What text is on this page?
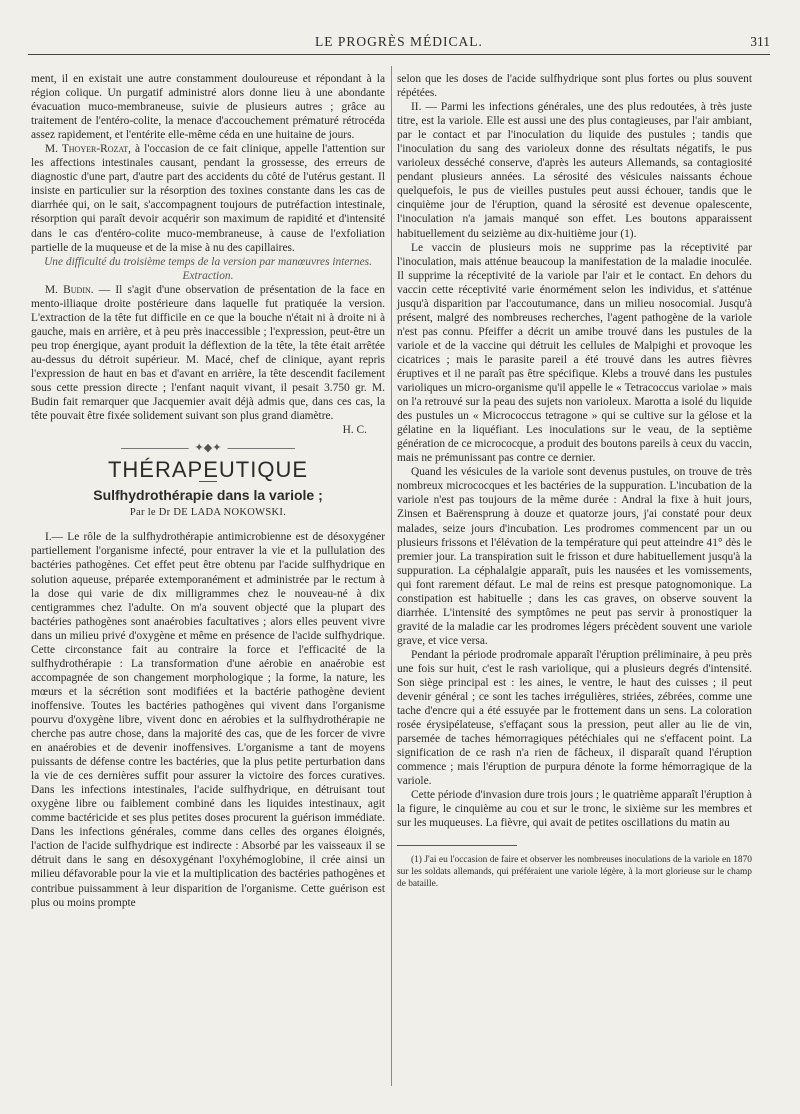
LE PROGRÈS MÉDICAL.	311

ment, il en existait une autre constamment douloureuse et répondant à la région colique. Un purgatif administré alors donne lieu à une abondante évacuation muco-membraneuse, suivie de plusieurs autres ; grâce au traitement de l'entéro-colite, la menace d'accouchement prématuré rétrocéda assez rapidement, et l'entérite elle-même céda en une huitaine de jours.

M. Thoyer-Rozat, à l'occasion de ce fait clinique, appelle l'attention sur les affections intestinales causant, pendant la grossesse, des erreurs de diagnostic d'une part, d'autre part des accidents du côté de l'utérus gestant. Il insiste en particulier sur la résorption des toxines constante dans les cas de diarrhée qui, on le sait, s'accompagnent toujours de putréfaction intestinale, résorption qui paraît devoir acquérir son maximum de rapidité et d'intensité dans le cas d'entéro-colite muco-membraneuse, à cause de l'exfoliation partielle de la muqueuse et de la mise à nu des capillaires.

Une difficulté du troisième temps de la version par manœuvres internes. Extraction.

M. Budin. — Il s'agit d'une observation de présentation de la face en mento-illiaque droite postérieure dans laquelle fut pratiquée la version. L'extraction de la tête fut difficile en ce que la bouche n'était ni à droite ni à gauche, mais en arrière, et à peu près inaccessible ; l'expression, peut-être un peu trop énergique, ayant produit la déflextion de la tête, la tête était arrêtée au-dessus du détroit supérieur. M. Macé, chef de clinique, ayant repris l'expression de haut en bas et d'avant en arrière, la tête descendit facilement sous cette pression directe ; l'enfant naquit vivant, il pesait 3.750 gr. M. Budin fait remarquer que Jacquemier avait déjà admis que, dans ces cas, la tête pouvait être fixée solidement suivant son plus grand diamètre.

H. C.

✦◆✦
THÉRAPEUTIQUE
Sulfhydrothérapie dans la variole ;
Par le Dr DE LADA NOKOWSKI.

I.— Le rôle de la sulfhydrothérapie antimicrobienne est de désoxygéner partiellement l'organisme infecté, pour entraver la vie et la pullulation des bactéries pathogènes. Cet effet peut être obtenu par l'acide sulfhydrique en solution aqueuse, préparée extemporanément et administrée par le rectum à la dose qui varie de dix milligrammes chez le nouveau-né à dix centigrammes chez l'adulte. On m'a souvent objecté que la plupart des bactéries pathogènes sont anaérobies facultatives ; alors elles peuvent vivre dans un milieu privé d'oxygène et même en présence de l'acide sulfhydrique. Cette circonstance fait au contraire la force et l'efficacité de la sulfhydrothérapie : La transformation d'une aérobie en anaérobie est accompagnée de son changement morphologique ; la forme, la nature, les mœurs et la sécrétion sont modifiées et la bactérie pathogène devient inoffensive. Toutes les bactéries pathogènes qui vivent dans l'organisme pourvu d'oxygène libre, vivent donc en aérobies et la sulfhydrothérapie ne cherche pas autre chose, dans la majorité des cas, que de les forcer de vivre en anaérobies et de devenir inoffensives. L'organisme a tant de moyens puissants de défense contre les bactéries, que la plus petite perturbation dans la vie de ces dernières suffit pour assurer la victoire des forces curatives. Dans les infections intestinales, l'acide sulfhydrique, en détruisant tout oxygène libre ou faiblement combiné dans les liquides intestinaux, agit comme bactéricide et ses plus petites doses procurent la guérison immédiate. Dans les infections générales, comme dans celles des organes éloignés, l'action de l'acide sulfhydrique est indirecte : Absorbé par les vaisseaux il se détruit dans le sang en désoxygénant l'oxyhémoglobine, il crée ainsi un milieu défavorable pour la vie et la multiplication des bactéries pathogènes et contribue puissamment à leur disparition de l'organisme. Cette guérison est plus ou moins prompte

selon que les doses de l'acide sulfhydrique sont plus fortes ou plus souvent répétées.

II. — Parmi les infections générales, une des plus redoutées, à très juste titre, est la variole. Elle est aussi une des plus contagieuses, par l'air ambiant, par le contact et par l'inoculation du liquide des pustules ; tandis que l'inoculation du sang des varioleux donne des résultats négatifs, le pus varioleux desséché conserve, d'après les auteurs Allemands, sa contagiosité pendant plusieurs années. La sérosité des vésicules naissants échoue quelquefois, le pus de vieilles pustules peut aussi échouer, tandis que le cinquième jour de l'éruption, quand la sérosité est devenue opalescente, l'inoculation n'a jamais manqué son effet. Les boutons apparaissent habituellement du seizième au dix-huitième jour (1).

Le vaccin de plusieurs mois ne supprime pas la réceptivité par l'inoculation, mais atténue beaucoup la manifestation de la maladie inoculée. Il supprime la réceptivité de la variole par l'air et le contact. En dehors du vaccin cette réceptivité varie énormément selon les individus, et s'atténue jusqu'à disparition par l'accoutumance, dans un milieu nosocomial. Jusqu'à présent, malgré des nombreuses recherches, l'agent pathogène de la variole n'est pas connu. Pfeiffer a décrit un amibe trouvé dans les pustules de la variole et de la vaccine qui détruit les cellules de Malpighi et provoque les cicatrices ; mais le parasite pareil a été trouvé dans les autres fièvres éruptives et il ne paraît pas être spécifique. Klebs a trouvé dans les pustules varioliques un micro-organisme qu'il appelle le « Tetracoccus variolae » mais on l'a retrouvé sur la peau des sujets non varioleux. Marotta a isolé du liquide des pustules un « Micrococcus tetragone » qui se cultive sur la gélose et la gélatine en la liquéfiant. Les inoculations sur le veau, de la septième génération de ce micrococque, a produit des boutons pareils à ceux du vaccin, mais ne prémunissant pas contre ce dernier.

Quand les vésicules de la variole sont devenus pustules, on trouve de très nombreux micrococques et les bactéries de la suppuration. L'incubation de la variole n'est pas toujours de la même durée : Andral la fixe à huit jours, Zinsen et Baërensprung à douze et quatorze jours, j'ai constaté pour deux malades, seize jours d'incubation. Les prodromes commencent par un ou plusieurs frissons et l'élévation de la température qui peut atteindre 41° dès le premier jour. La transpiration suit le frisson et dure habituellement jusqu'à la suppuration. La céphalalgie apparaît, puis les nausées et les vomissements, qui font rarement défaut. Le mal de reins est presque patognomonique. La constipation est habituelle ; dans les cas graves, on observe souvent la diarrhée. L'intensité des symptômes ne peut pas servir à pronostiquer la gravité de la maladie car les prodromes légers précèdent souvent une variole grave, et vice versa.

Pendant la période prodromale apparaît l'éruption préliminaire, à peu près une fois sur huit, c'est le rash variolique, qui a plusieurs degrés d'intensité. Son siège principal est : les aines, le ventre, le haut des cuisses ; il peut devenir général ; ce sont les taches irrégulières, striées, zébrées, comme une tache d'encre qui a été essuyée par le frottement dans un sens. La coloration rosée érysipélateuse, s'effaçant sous la pression, peut aller au lie de vin, parsemée de taches hémorragiques pétéchiales qui ne s'effacent point. La signification de ce rash n'a rien de fâcheux, il disparaît quand l'éruption commence ; mais l'éruption de purpura dénote la forme hémorragique de la variole.

Cette période d'invasion dure trois jours ; le quatrième apparaît l'éruption à la figure, le cinquième au cou et sur le tronc, le sixième sur les membres et sur les muqueuses. La fièvre, qui avait de petites oscillations du matin au

(1) J'ai eu l'occasion de faire et observer les nombreuses inoculations de la variole en 1870 sur les soldats allemands, qui préféraient une variole légère, à la mort glorieuse sur le champ de bataille.
